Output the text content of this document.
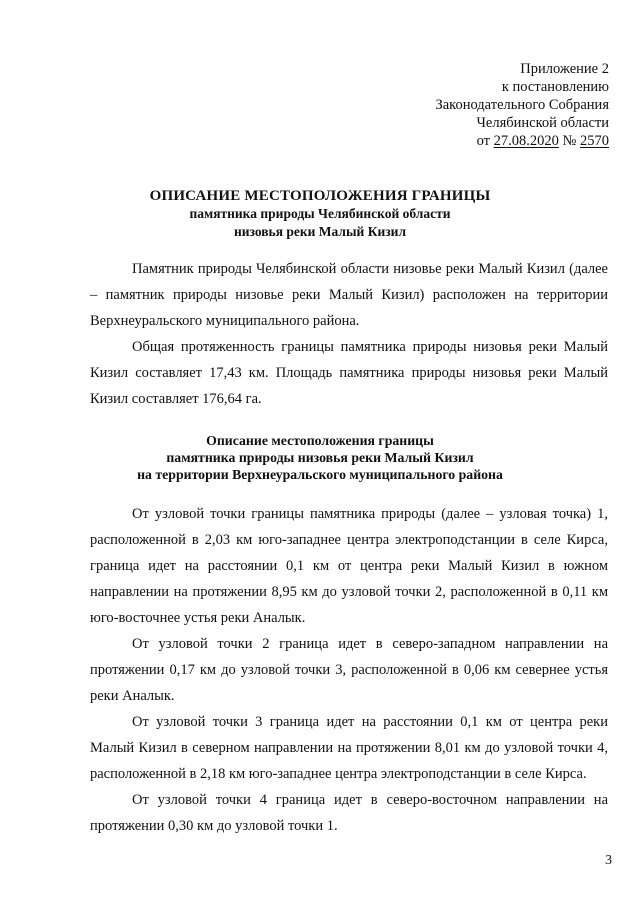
Приложение 2
к постановлению
Законодательного Собрания
Челябинской области
от 27.08.2020 № 2570
ОПИСАНИЕ МЕСТОПОЛОЖЕНИЯ ГРАНИЦЫ
памятника природы Челябинской области
низовья реки Малый Кизил
Памятник природы Челябинской области низовье реки Малый Кизил (далее – памятник природы низовье реки Малый Кизил) расположен на территории Верхнеуральского муниципального района.
Общая протяженность границы памятника природы низовья реки Малый Кизил составляет 17,43 км. Площадь памятника природы низовья реки Малый Кизил составляет 176,64 га.
Описание местоположения границы
памятника природы низовья реки Малый Кизил
на территории Верхнеуральского муниципального района
От узловой точки границы памятника природы (далее – узловая точка) 1, расположенной в 2,03 км юго-западнее центра электроподстанции в селе Кирса, граница идет на расстоянии 0,1 км от центра реки Малый Кизил в южном направлении на протяжении 8,95 км до узловой точки 2, расположенной в 0,11 км юго-восточнее устья реки Аналык.
От узловой точки 2 граница идет в северо-западном направлении на протяжении 0,17 км до узловой точки 3, расположенной в 0,06 км севернее устья реки Аналык.
От узловой точки 3 граница идет на расстоянии 0,1 км от центра реки Малый Кизил в северном направлении на протяжении 8,01 км до узловой точки 4, расположенной в 2,18 км юго-западнее центра электроподстанции в селе Кирса.
От узловой точки 4 граница идет в северо-восточном направлении на протяжении 0,30 км до узловой точки 1.
3
